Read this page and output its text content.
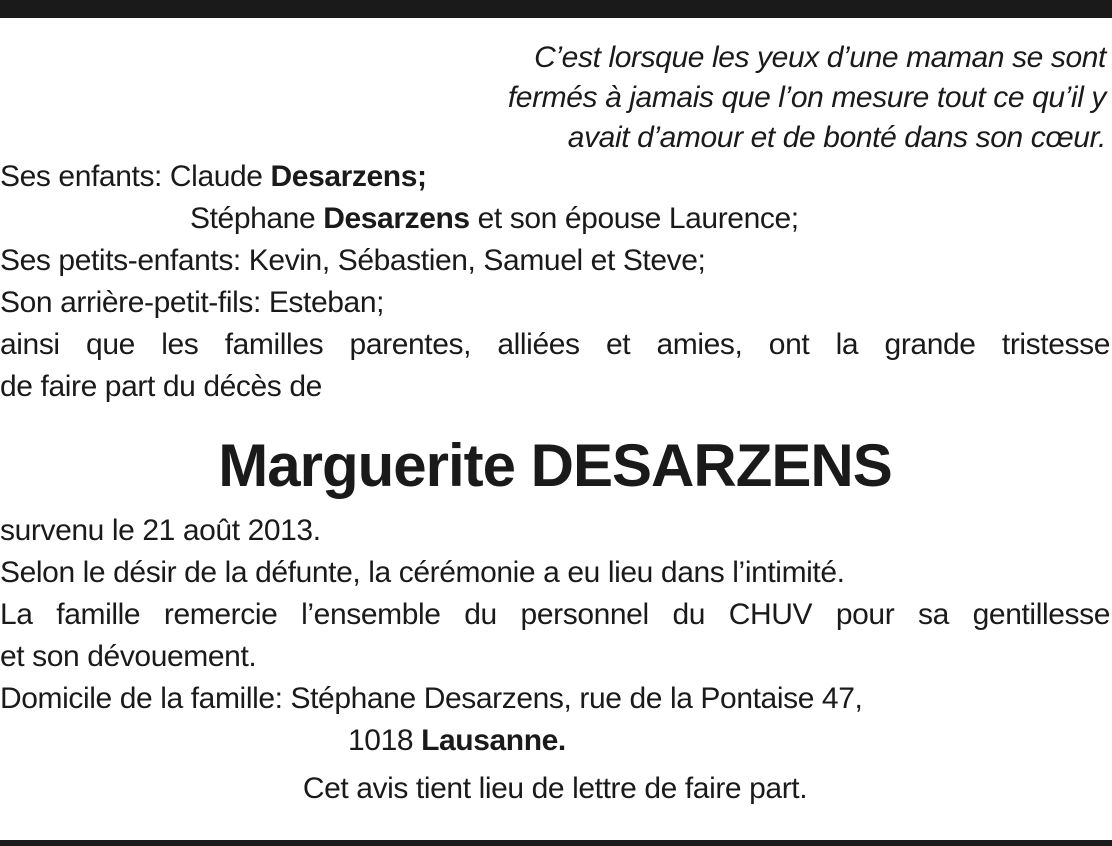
C’est lorsque les yeux d’une maman se sont
fermés à jamais que l’on mesure tout ce qu’il y
avait d’amour et de bonté dans son cœur.
Ses enfants: Claude Desarzens;
Stéphane Desarzens et son épouse Laurence;
Ses petits-enfants: Kevin, Sébastien, Samuel et Steve;
Son arrière-petit-fils: Esteban;
ainsi que les familles parentes, alliées et amies, ont la grande tristesse
de faire part du décès de
Marguerite DESARZENS
survenu le 21 août 2013.
Selon le désir de la défunte, la cérémonie a eu lieu dans l’intimité.
La famille remercie l’ensemble du personnel du CHUV pour sa gentillesse
et son dévouement.
Domicile de la famille: Stéphane Desarzens, rue de la Pontaise 47,
1018 Lausanne.
Cet avis tient lieu de lettre de faire part.
